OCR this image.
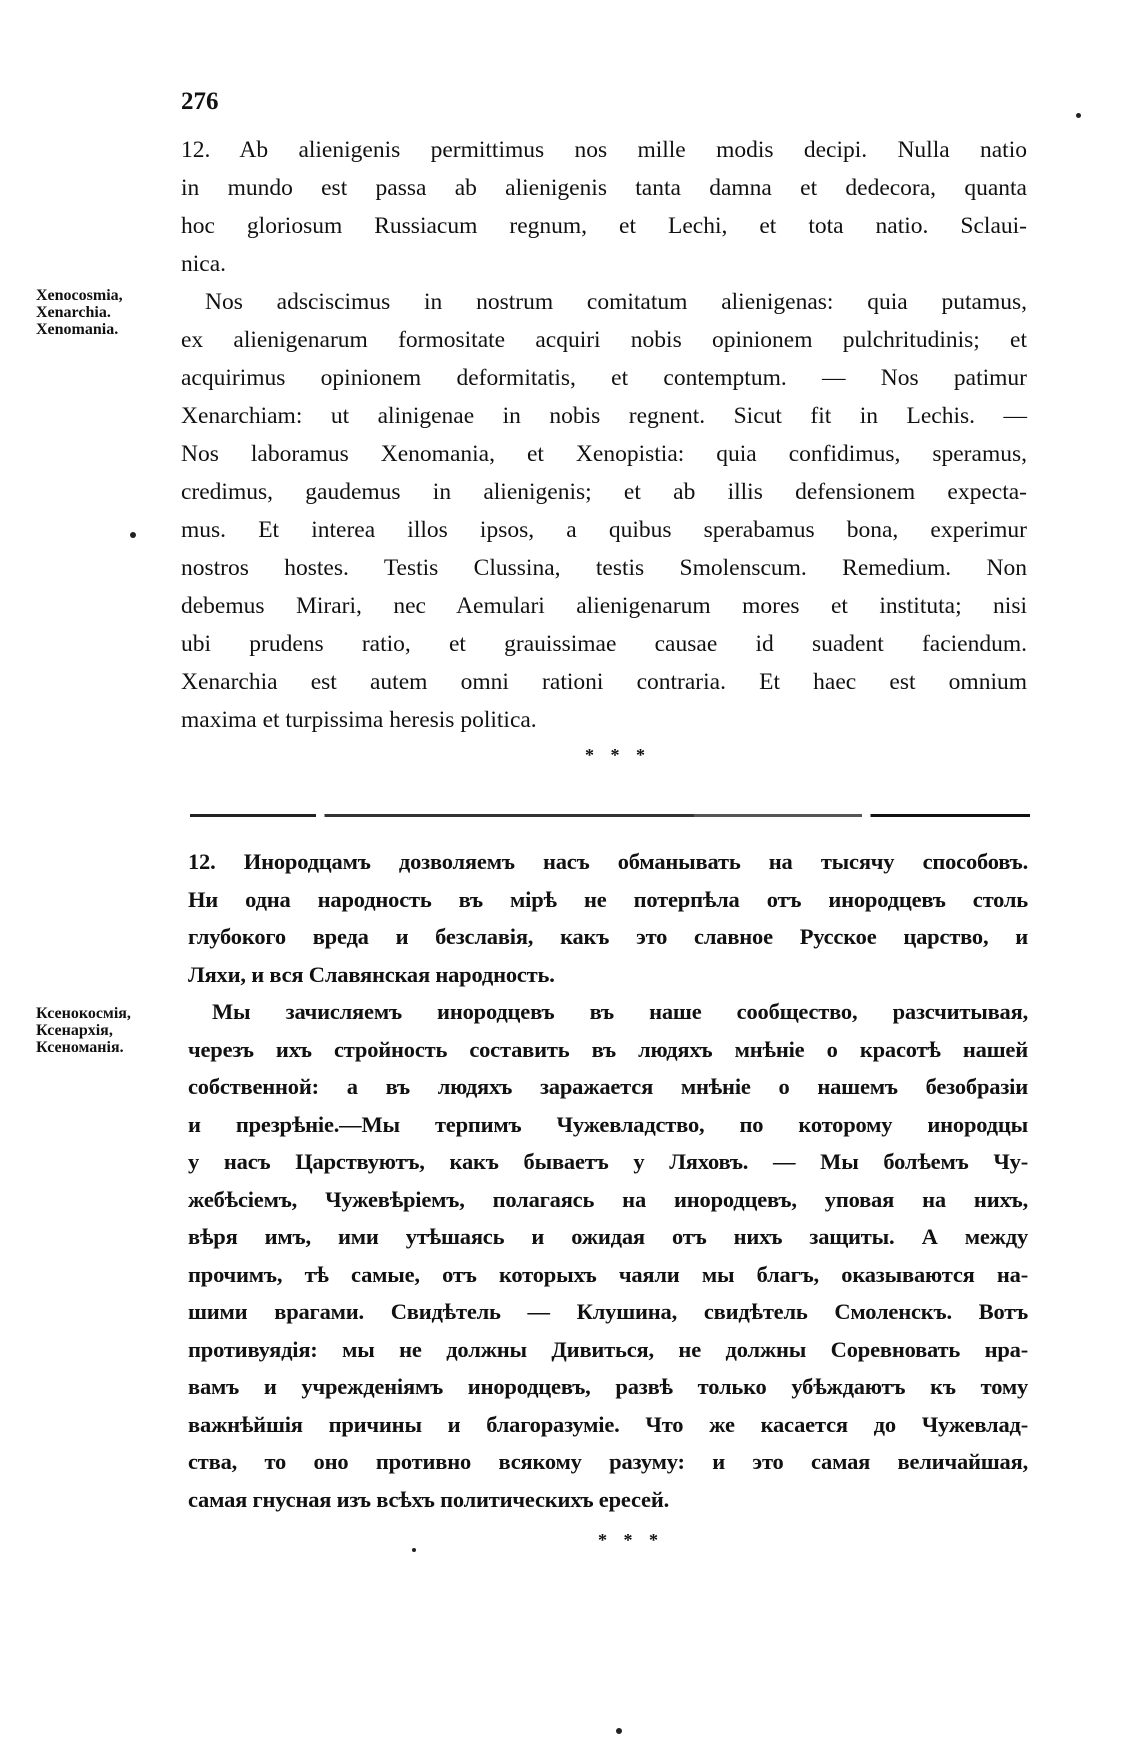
276
Xenocosmia,
Xenarchia.
Xenomania.
12. Ab alienigenis permittimus nos mille modis decipi. Nulla natio
in mundo est passa ab alienigenis tanta damna et dedecora, quanta
hoc gloriosum Russiacum regnum, et Lechi, et tota natio. Sclaui-
nica.
Nos adsciscimus in nostrum comitatum alienigenas: quia putamus,
ex alienigenarum formositate acquiri nobis opinionem pulchritudinis; et
acquirimus opinionem deformitatis, et contemptum. — Nos patimur
Xenarchiam: ut alinigenae in nobis regnent. Sicut fit in Lechis. —
Nos laboramus Xenomania, et Xenopistia: quia confidimus, speramus,
credimus, gaudemus in alienigenis; et ab illis defensionem expecta-
mus. Et interea illos ipsos, a quibus sperabamus bona, experimur
nostros hostes. Testis Clussina, testis Smolenscum. Remedium. Non
debemus Mirari, nec Aemulari alienigenarum mores et instituta; nisi
ubi prudens ratio, et grauissimae causae id suadent faciendum.
Xenarchia est autem omni rationi contraria. Et haec est omnium
maxima et turpissima heresis politica.
* * *
Ксенокосмія,
Ксенархія,
Ксеноманія.
12. Инородцамъ дозволяемъ насъ обманывать на тысячу способовъ.
Ни одна народность въ мірѣ не потерпѣла отъ инородцевъ столь
глубокого вреда и безславія, какъ это славное Русское царство, и
Ляхи, и вся Славянская народность.
Мы зачисляемъ инородцевъ въ наше сообщество, разсчитывая,
черезъ ихъ стройность составить въ людяхъ мнѣніе о красотѣ нашей
собственной: а въ людяхъ заражается мнѣніе о нашемъ безобразіи
и презрѣніе.—Мы терпимъ Чужевладство, по которому инородцы
у насъ Царствуютъ, какъ бываетъ у Ляховъ. — Мы болѣемъ Чу-
жебѣсіемъ, Чужевѣріемъ, полагаясь на инородцевъ, уповая на нихъ,
вѣря имъ, ими утѣшаясь и ожидая отъ нихъ защиты. А между
прочимъ, тѣ самые, отъ которыхъ чаяли мы благъ, оказываются на-
шими врагами. Свидѣтель — Клушина, свидѣтель Смоленскъ. Вотъ
противуядія: мы не должны Дивиться, не должны Соревновать нра-
вамъ и учрежденіямъ инородцевъ, развѣ только убѣждаютъ къ тому
важнѣйшія причины и благоразуміе. Что же касается до Чужевлад-
ства, то оно противно всякому разуму: и это самая величайшая,
самая гнусная изъ всѣхъ политическихъ ересей.
* * *
